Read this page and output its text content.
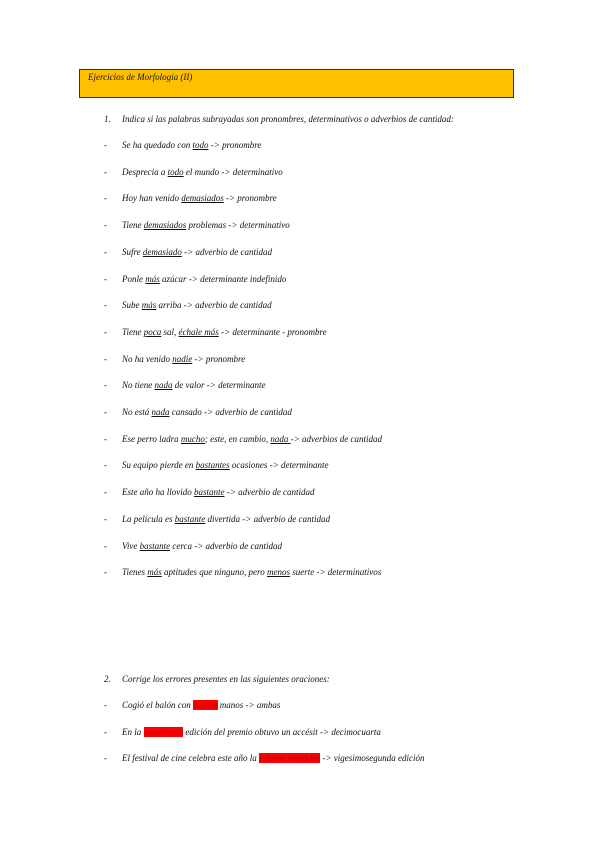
Ejercicios de Morfología (II)
1. Indica si las palabras subrayadas son pronombres, determinativos o adverbios de cantidad:
- Se ha quedado con todo -> pronombre
- Desprecia a todo el mundo -> determinativo
- Hoy han venido demasiados -> pronombre
- Tiene demasiados problemas -> determinativo
- Sufre demasiado -> adverbio de cantidad
- Ponle más azúcar -> determinante indefinido
- Sube más arriba -> adverbio de cantidad
- Tiene poca sal, échale más -> determinante - pronombre
- No ha venido nadie -> pronombre
- No tiene nada de valor -> determinante
- No está nada cansado -> adverbio de cantidad
- Ese perro ladra mucho; este, en cambio, nada -> adverbios de cantidad
- Su equipo pierde en bastantes ocasiones -> determinante
- Este año ha llovido bastante -> adverbio de cantidad
- La película es bastante divertida -> adverbio de cantidad
- Vive bastante cerca -> adverbio de cantidad
- Tienes más aptitudes que ninguno, pero menos suerte -> determinativos
2. Corrige los errores presentes en las siguientes oraciones:
- Cogió el balón con sendas manos -> ambas
- En la catorceava edición del premio obtuvo un accésit -> decimocuarta
- El festival de cine celebra este año la edición veintidós -> vigesimosegunda edición
